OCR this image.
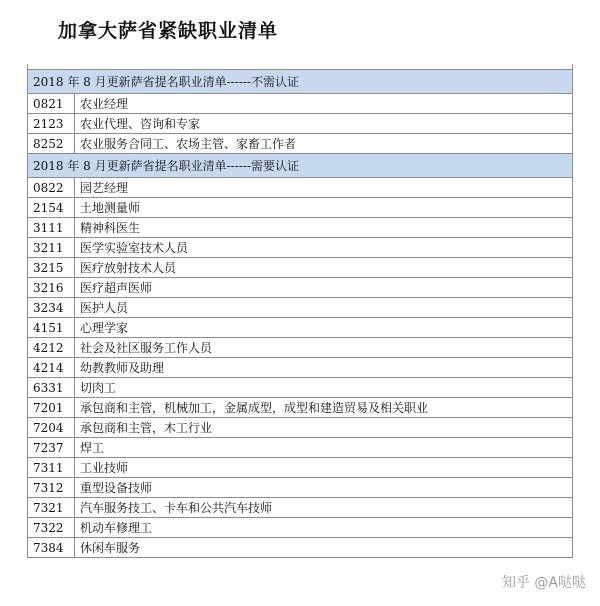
加拿大萨省紧缺职业清单

2018 年 8 月更新萨省提名职业清单------不需认证	
0821	农业经理
2123	农业代理、咨询和专家
8252	农业服务合同工、农场主管、家畜工作者
2018 年 8 月更新萨省提名职业清单------需要认证	
0822	园艺经理
2154	土地测量师
3111	精神科医生
3211	医学实验室技术人员
3215	医疗放射技术人员
3216	医疗超声医师
3234	医护人员
4151	心理学家
4212	社会及社区服务工作人员
4214	幼教教师及助理
6331	切肉工
7201	承包商和主管，机械加工，金属成型，成型和建造贸易及相关职业
7204	承包商和主管，木工行业
7237	焊工
7311	工业技师
7312	重型设备技师
7321	汽车服务技工、卡车和公共汽车技师
7322	机动车修理工
7384	休闲车服务
知乎 @A哒哒
